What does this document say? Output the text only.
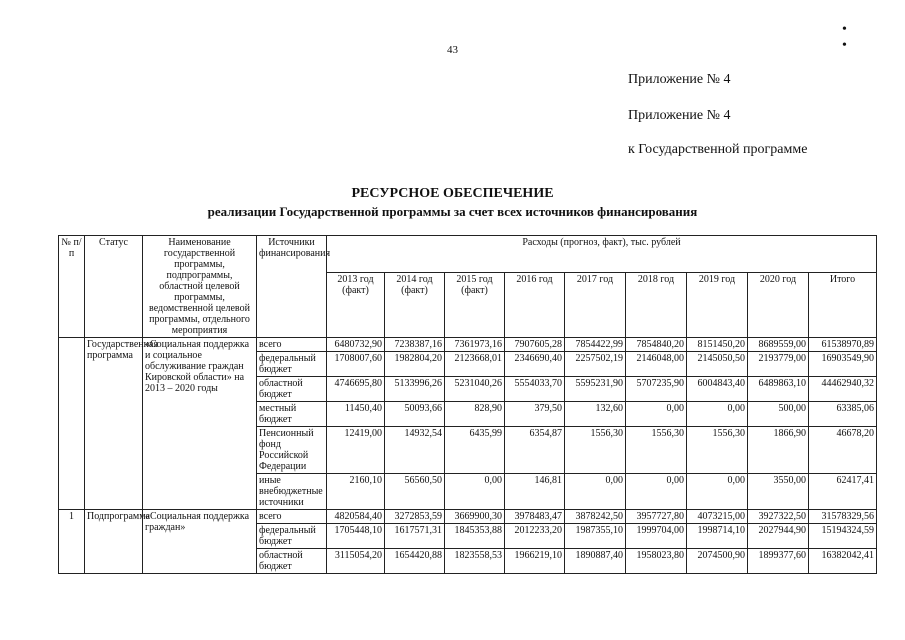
• •
43
Приложение № 4
Приложение № 4
к Государственной программе
РЕСУРСНОЕ ОБЕСПЕЧЕНИЕ
реализации Государственной программы за счет всех источников финансирования
№ п/п	Статус	Наименование государственной программы, подпрограммы, областной целевой программы, ведомственной целевой программы, отдельного мероприятия	Источники финансирования	Расходы (прогноз, факт), тыс. рублей								
				2013 год (факт)	2014 год (факт)	2015 год (факт)	2016 год	2017 год	2018 год	2019 год	2020 год	Итого
	Государственная программа	«Социальная поддержка и социальное обслуживание граждан Кировской области» на 2013 – 2020 годы	всего	6480732,90	7238387,16	7361973,16	7907605,28	7854422,99	7854840,20	8151450,20	8689559,00	61538970,89
			федеральный бюджет	1708007,60	1982804,20	2123668,01	2346690,40	2257502,19	2146048,00	2145050,50	2193779,00	16903549,90
			областной бюджет	4746695,80	5133996,26	5231040,26	5554033,70	5595231,90	5707235,90	6004843,40	6489863,10	44462940,32
			местный бюджет	11450,40	50093,66	828,90	379,50	132,60	0,00	0,00	500,00	63385,06
			Пенсионный фонд Российской Федерации	12419,00	14932,54	6435,99	6354,87	1556,30	1556,30	1556,30	1866,90	46678,20
			иные внебюджетные источники	2160,10	56560,50	0,00	146,81	0,00	0,00	0,00	3550,00	62417,41
1	Подпрограмма	«Социальная поддержка граждан»	всего	4820584,40	3272853,59	3669900,30	3978483,47	3878242,50	3957727,80	4073215,00	3927322,50	31578329,56
			федеральный бюджет	1705448,10	1617571,31	1845353,88	2012233,20	1987355,10	1999704,00	1998714,10	2027944,90	15194324,59
			областной бюджет	3115054,20	1654420,88	1823558,53	1966219,10	1890887,40	1958023,80	2074500,90	1899377,60	16382042,41
